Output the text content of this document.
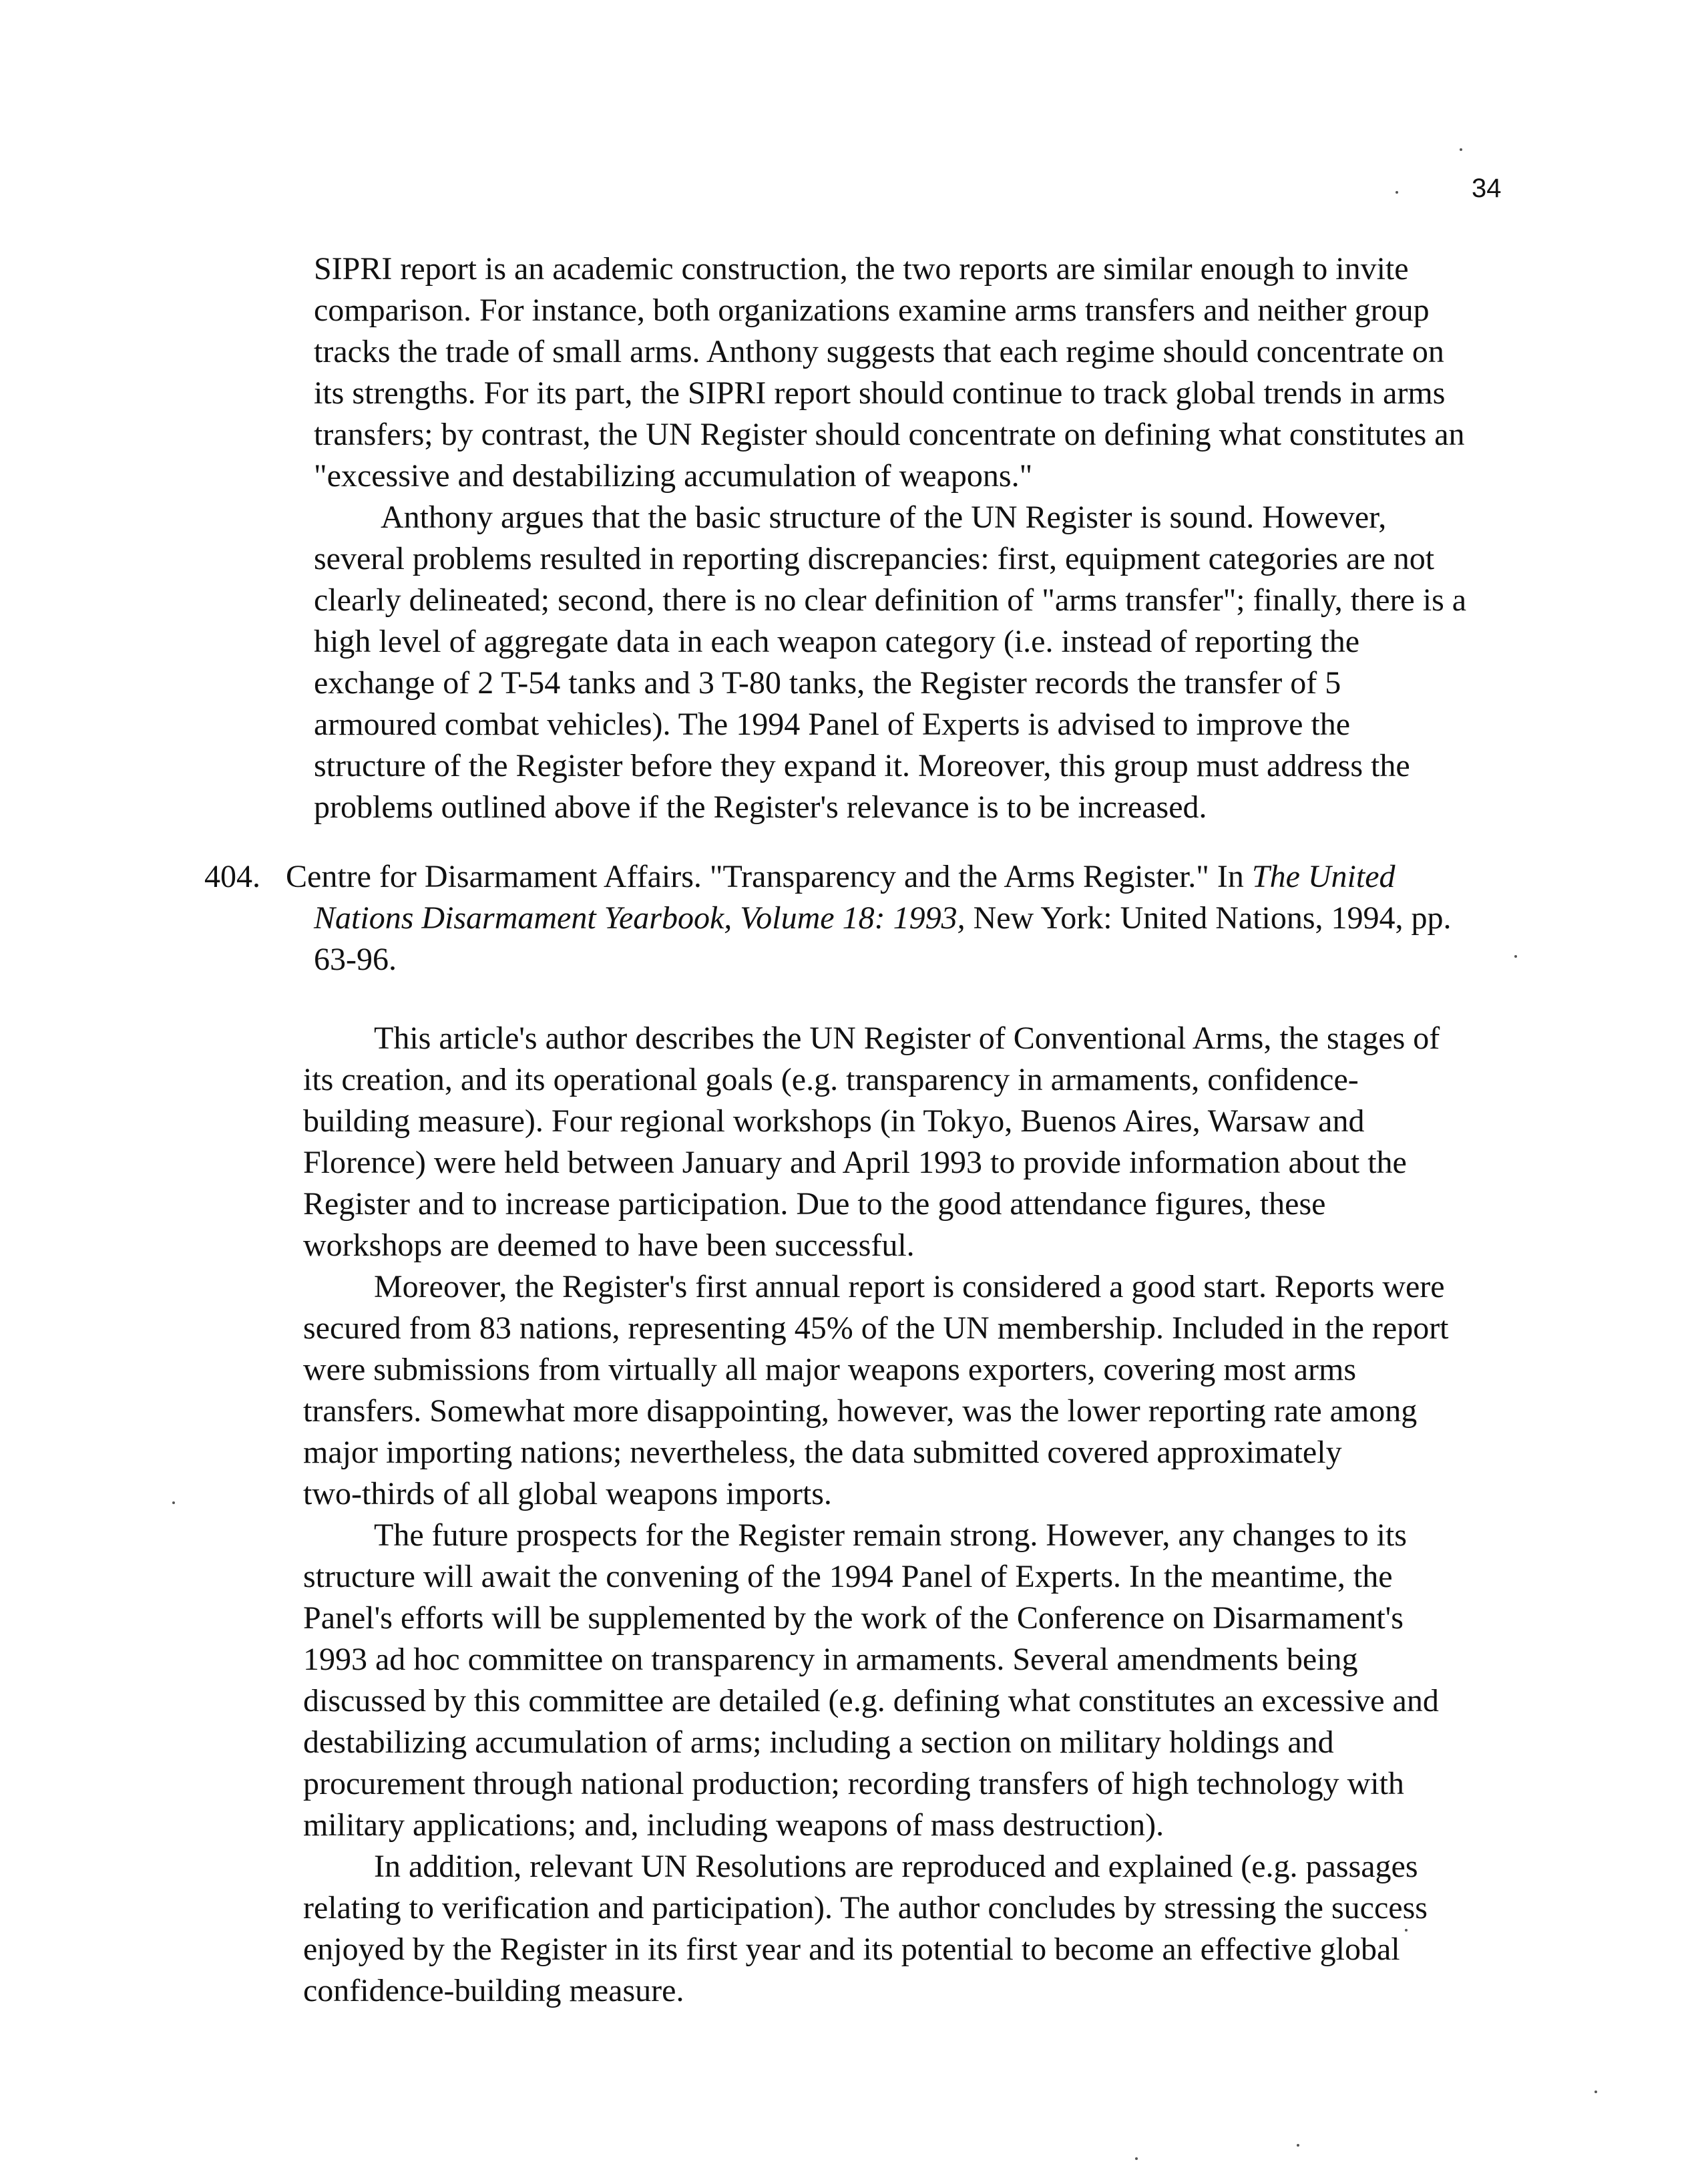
34
SIPRI report is an academic construction, the two reports are similar enough to invite
comparison. For instance, both organizations examine arms transfers and neither group
tracks the trade of small arms. Anthony suggests that each regime should concentrate on
its strengths. For its part, the SIPRI report should continue to track global trends in arms
transfers; by contrast, the UN Register should concentrate on defining what constitutes an
"excessive and destabilizing accumulation of weapons."
Anthony argues that the basic structure of the UN Register is sound. However,
several problems resulted in reporting discrepancies: first, equipment categories are not
clearly delineated; second, there is no clear definition of "arms transfer"; finally, there is a
high level of aggregate data in each weapon category (i.e. instead of reporting the
exchange of 2 T-54 tanks and 3 T-80 tanks, the Register records the transfer of 5
armoured combat vehicles). The 1994 Panel of Experts is advised to improve the
structure of the Register before they expand it. Moreover, this group must address the
problems outlined above if the Register's relevance is to be increased.
404. Centre for Disarmament Affairs. "Transparency and the Arms Register." In The United
Nations Disarmament Yearbook, Volume 18: 1993, New York: United Nations, 1994, pp.
63-96.
This article's author describes the UN Register of Conventional Arms, the stages of
its creation, and its operational goals (e.g. transparency in armaments, confidence-
building measure). Four regional workshops (in Tokyo, Buenos Aires, Warsaw and
Florence) were held between January and April 1993 to provide information about the
Register and to increase participation. Due to the good attendance figures, these
workshops are deemed to have been successful.
Moreover, the Register's first annual report is considered a good start. Reports were
secured from 83 nations, representing 45% of the UN membership. Included in the report
were submissions from virtually all major weapons exporters, covering most arms
transfers. Somewhat more disappointing, however, was the lower reporting rate among
major importing nations; nevertheless, the data submitted covered approximately
two-thirds of all global weapons imports.
The future prospects for the Register remain strong. However, any changes to its
structure will await the convening of the 1994 Panel of Experts. In the meantime, the
Panel's efforts will be supplemented by the work of the Conference on Disarmament's
1993 ad hoc committee on transparency in armaments. Several amendments being
discussed by this committee are detailed (e.g. defining what constitutes an excessive and
destabilizing accumulation of arms; including a section on military holdings and
procurement through national production; recording transfers of high technology with
military applications; and, including weapons of mass destruction).
In addition, relevant UN Resolutions are reproduced and explained (e.g. passages
relating to verification and participation). The author concludes by stressing the success
enjoyed by the Register in its first year and its potential to become an effective global
confidence-building measure.
